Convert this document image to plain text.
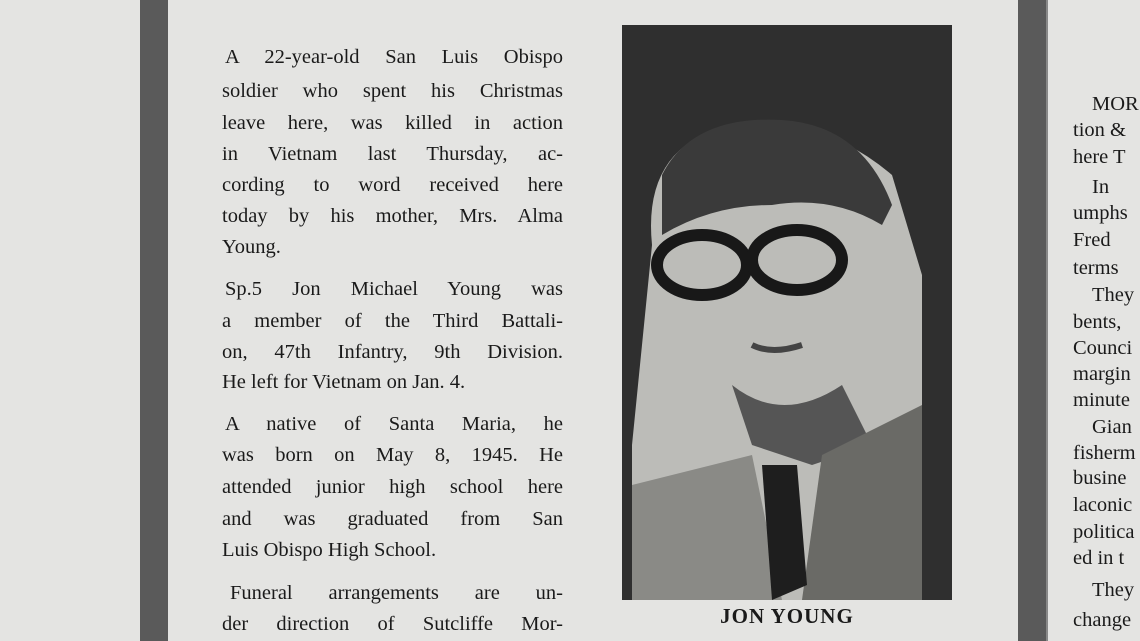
A 22-year-old San Luis Obispo
soldier who spent his Christmas
leave here, was killed in action
in Vietnam last Thursday, ac-
cording to word received here
today by his mother, Mrs. Alma
Young.
Sp.5 Jon Michael Young was
a member of the Third Battali-
on, 47th Infantry, 9th Division.
He left for Vietnam on Jan. 4.
A native of Santa Maria, he
was born on May 8, 1945. He
attended junior high school here
and was graduated from San
Luis Obispo High School.
Funeral arrangements are un-
der direction of Sutcliffe Mor-	JON YOUNG
MOR
tion &
here T
In
umphs
Fred
terms
They
bents,
Counci
margin
minute
Gian
fisherm
busine
laconic
politica
ed in t
They
change
